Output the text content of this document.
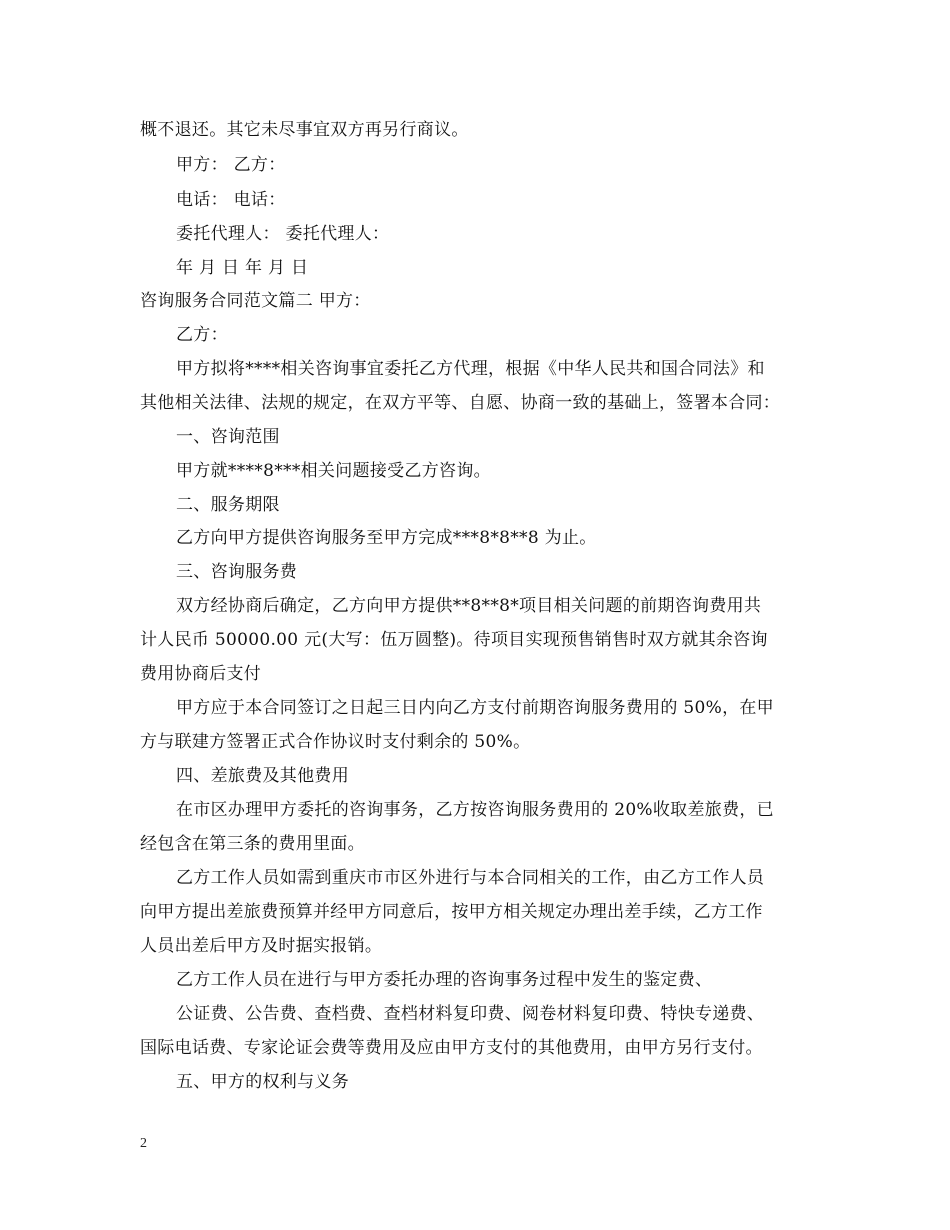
概不退还。其它未尽事宜双方再另行商议。
甲方： 乙方：
电话： 电话：
委托代理人： 委托代理人：
年 月 日 年 月 日
咨询服务合同范文篇二 甲方：
乙方：
甲方拟将****相关咨询事宜委托乙方代理，根据《中华人民共和国合同法》和
其他相关法律、法规的规定，在双方平等、自愿、协商一致的基础上，签署本合同：
一、咨询范围
甲方就****8***相关问题接受乙方咨询。
二、服务期限
乙方向甲方提供咨询服务至甲方完成***8*8**8 为止。
三、咨询服务费
双方经协商后确定，乙方向甲方提供**8**8*项目相关问题的前期咨询费用共
计人民币 50000.00 元(大写：伍万圆整)。待项目实现预售销售时双方就其余咨询
费用协商后支付
甲方应于本合同签订之日起三日内向乙方支付前期咨询服务费用的 50%，在甲
方与联建方签署正式合作协议时支付剩余的 50%。
四、差旅费及其他费用
在市区办理甲方委托的咨询事务，乙方按咨询服务费用的 20%收取差旅费，已
经包含在第三条的费用里面。
乙方工作人员如需到重庆市市区外进行与本合同相关的工作，由乙方工作人员
向甲方提出差旅费预算并经甲方同意后，按甲方相关规定办理出差手续，乙方工作
人员出差后甲方及时据实报销。
乙方工作人员在进行与甲方委托办理的咨询事务过程中发生的鉴定费、
公证费、公告费、查档费、查档材料复印费、阅卷材料复印费、特快专递费、
国际电话费、专家论证会费等费用及应由甲方支付的其他费用，由甲方另行支付。
五、甲方的权利与义务
2
